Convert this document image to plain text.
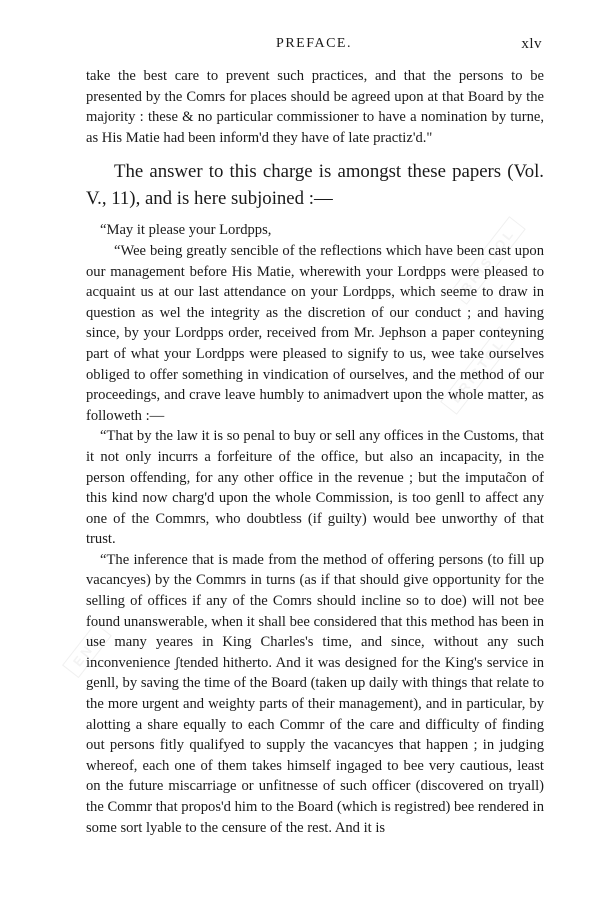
PREFACE.	xlv
BRISTOL
BRISTOL
ENE

take the best care to prevent such practices, and that the persons to be presented by the Comrs for places should be agreed upon at that Board by the majority : these & no particular commissioner to have a nomination by turne, as His Matie had been inform'd they have of late practiz'd."

The answer to this charge is amongst these papers (Vol. V., 11), and is here subjoined :—

“May it please your Lordpps,

“Wee being greatly sencible of the reflections which have been cast upon our management before His Matie, wherewith your Lordpps were pleased to acquaint us at our last attendance on your Lordpps, which seeme to draw in question as wel the integrity as the discretion of our conduct ; and having since, by your Lordpps order, received from Mr. Jephson a paper conteyning part of what your Lordpps were pleased to signify to us, wee take ourselves obliged to offer something in vindication of ourselves, and the method of our proceedings, and crave leave humbly to animadvert upon the whole matter, as followeth :—

“That by the law it is so penal to buy or sell any offices in the Customs, that it not only incurrs a forfeiture of the office, but also an incapacity, in the person offending, for any other office in the revenue ; but the imputac̃on of this kind now charg'd upon the whole Commission, is too genll to affect any one of the Commrs, who doubtless (if guilty) would bee unworthy of that trust.

“The inference that is made from the method of offering persons (to fill up vacancyes) by the Commrs in turns (as if that should give opportunity for the selling of offices if any of the Comrs should incline so to doe) will not bee found unanswerable, when it shall bee considered that this method has been in use many yeares in King Charles's time, and since, without any such inconvenience ʃtended hitherto. And it was designed for the King's service in genll, by saving the time of the Board (taken up daily with things that relate to the more urgent and weighty parts of their management), and in particular, by alotting a share equally to each Commr of the care and difficulty of finding out persons fitly qualifyed to supply the vacancyes that happen ; in judging whereof, each one of them takes himself ingaged to bee very cautious, least on the future miscarriage or unfitnesse of such officer (discovered on tryall) the Commr that propos'd him to the Board (which is registred) bee rendered in some sort lyable to the censure of the rest. And it is
